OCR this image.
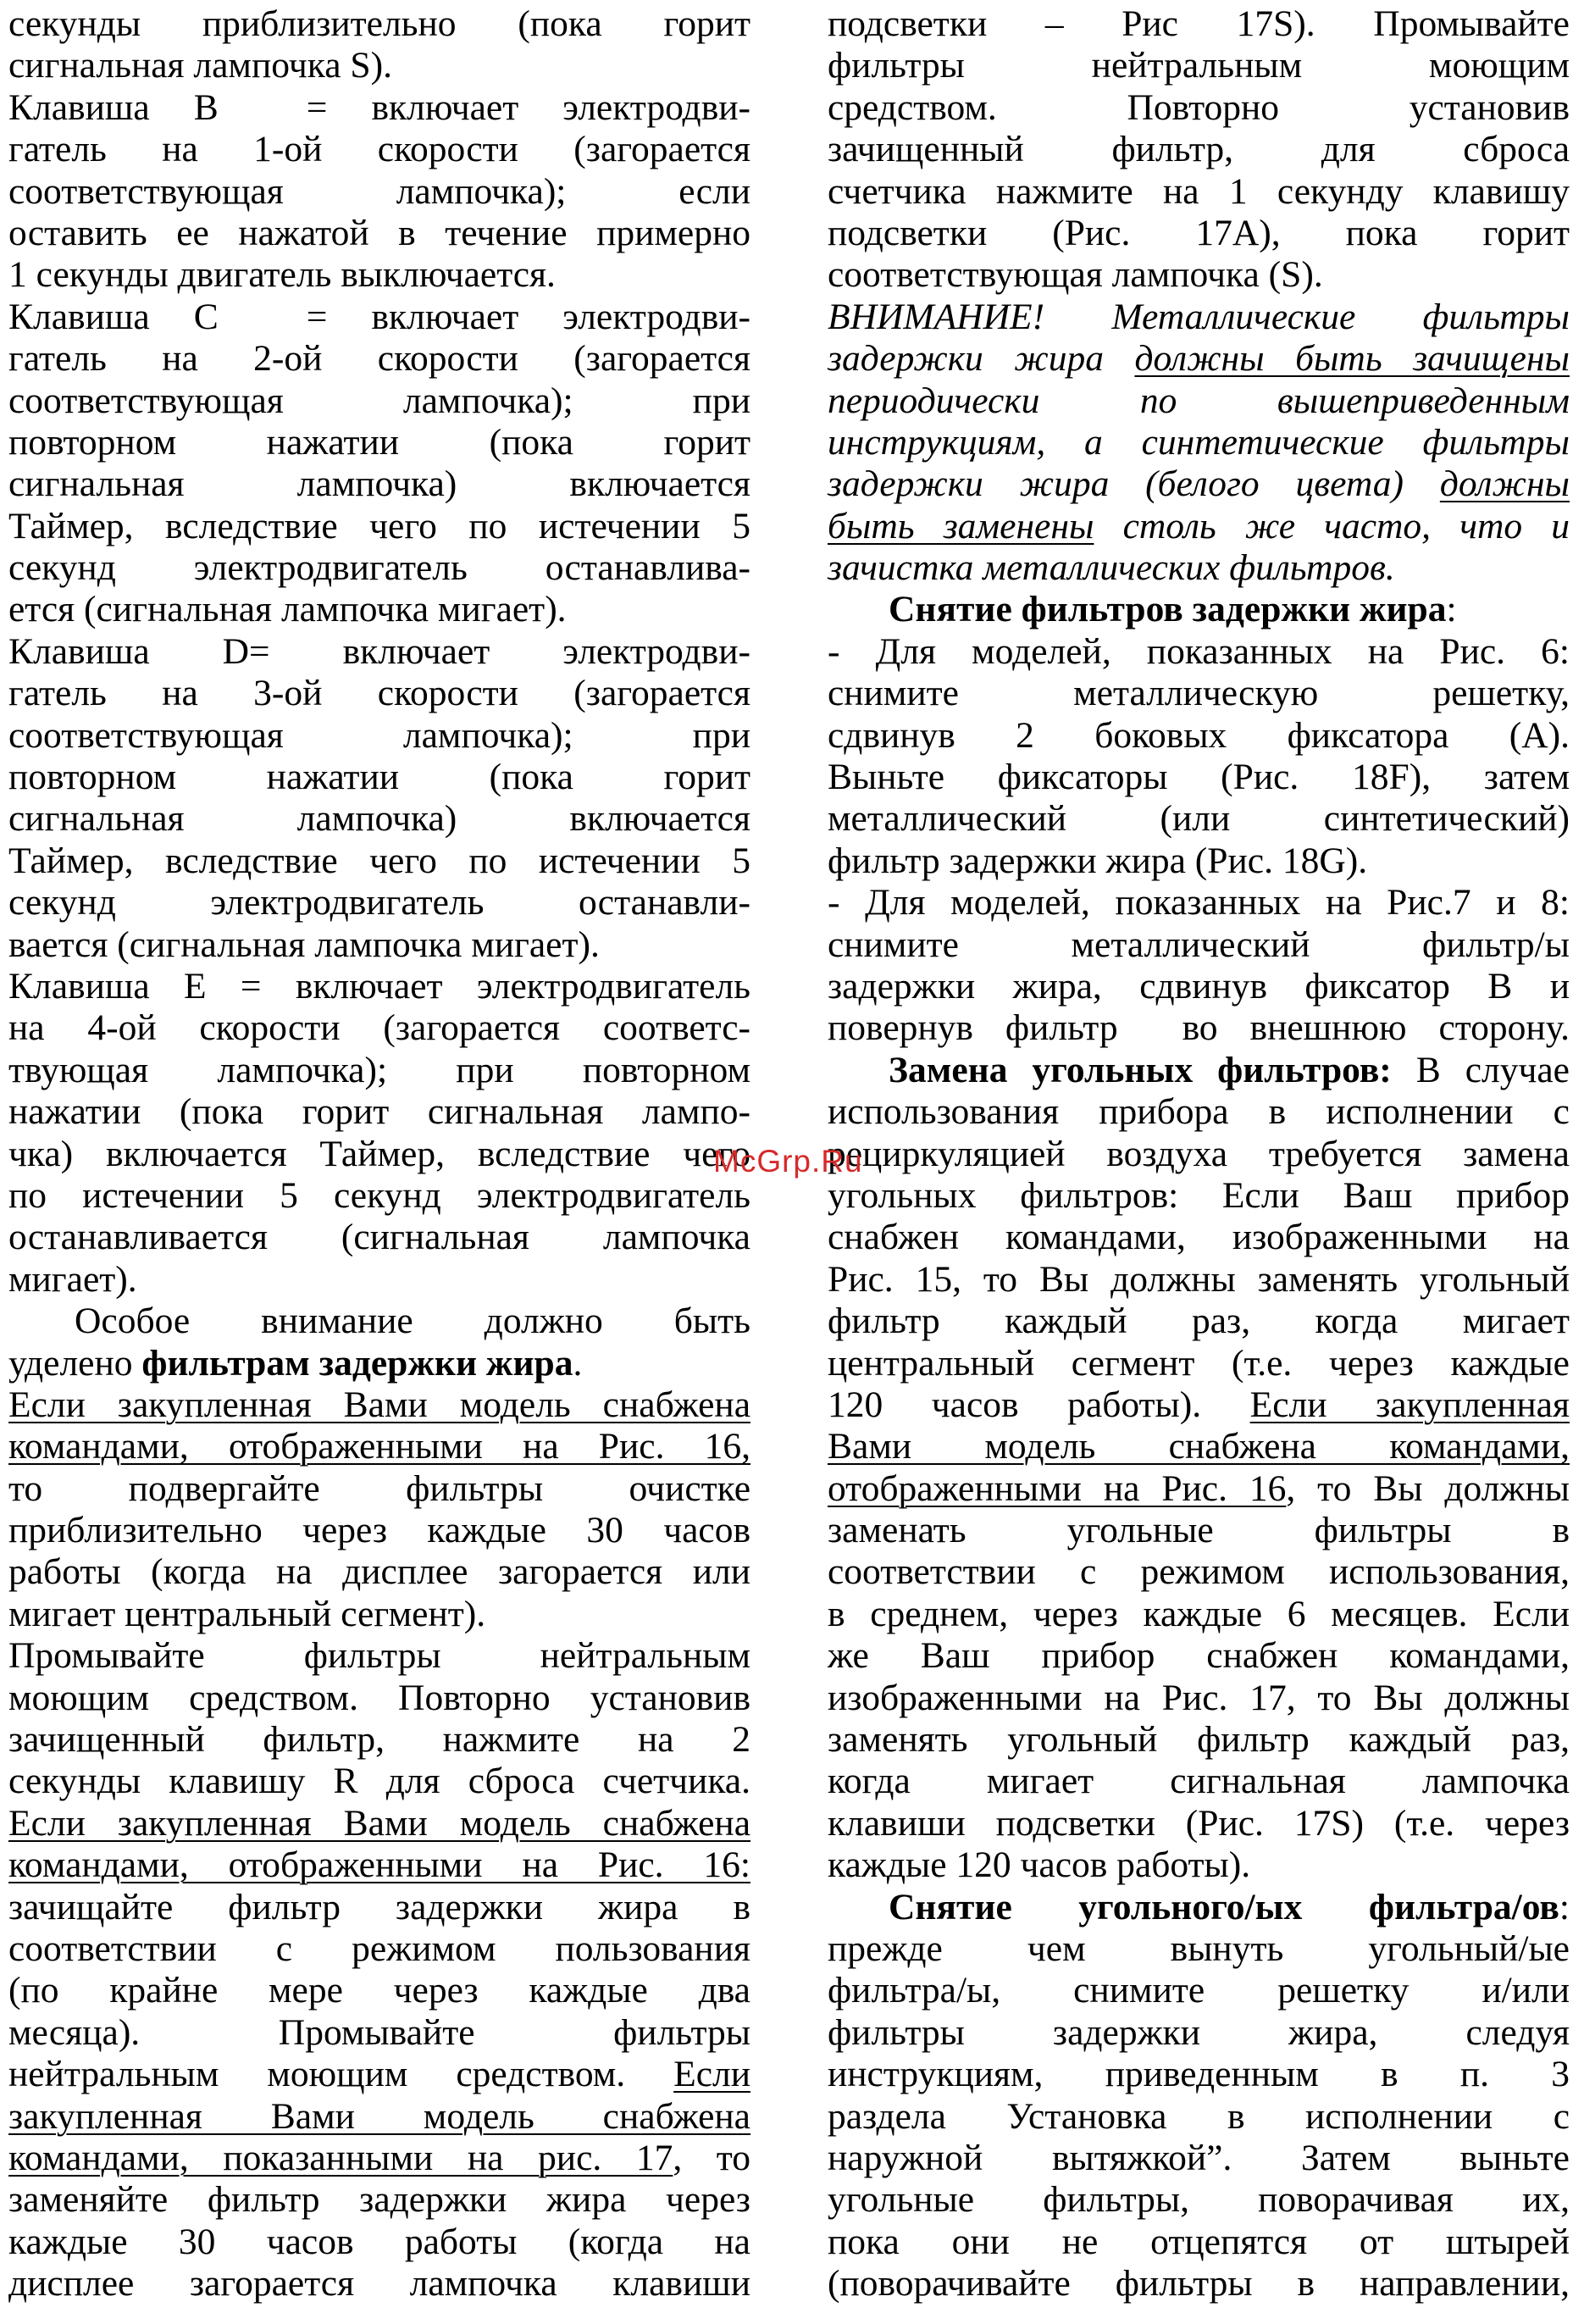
секунды приблизительно (пока горит
сигнальная лампочка S).
Клавиша B  = включает электродви-
гатель на 1-ой скорости (загорается
соответствующая лампочка); если
оставить ее нажатой в течение примерно
1 секунды двигатель выключается.
Клавиша C  = включает электродви-
гатель на 2-ой скорости (загорается
соответствующая лампочка); при
повторном нажатии (пока горит
сигнальная лампочка) включается
Таймер, вследствие чего по истечении 5
секунд электродвигатель останавлива-
ется (сигнальная лампочка мигает).
Клавиша D= включает электродви-
гатель на 3-ой скорости (загорается
соответствующая лампочка); при
повторном нажатии (пока горит
сигнальная лампочка) включается
Таймер, вследствие чего по истечении 5
секунд электродвигатель останавли-
вается (сигнальная лампочка мигает).
Клавиша E = включает электродвигатель
на 4-ой скорости (загорается соответс-
твующая лампочка); при повторном
нажатии (пока горит сигнальная лампо-
чка) включается Таймер, вследствие чего
по истечении 5 секунд электродвигатель
останавливается (сигнальная лампочка
мигает).
Особое внимание должно быть
уделено фильтрам задержки жира.
Если закупленная Вами модель снабжена
командами, отображенными на Рис. 16,
то подвергайте фильтры очистке
приблизительно через каждые 30 часов
работы (когда на дисплее загорается или
мигает центральный сегмент).
Промывайте фильтры нейтральным
моющим средством. Повторно установив
зачищенный фильтр, нажмите на 2
секунды клавишу R для сброса счетчика.
Если закупленная Вами модель снабжена
командами, отображенными на Рис. 16:
зачищайте фильтр задержки жира в
соответствии с режимом пользования
(по крайне мере через каждые два
месяца).  Промывайте  фильтры
нейтральным моющим средством. Если
закупленная Вами модель снабжена
командами, показанными на рис. 17, то
заменяйте фильтр задержки жира через
каждые 30 часов работы (когда на
дисплее загорается лампочка клавиши
подсветки – Рис 17S). Промывайте
фильтры нейтральным моющим
средством. Повторно установив
зачищенный фильтр, для сброса
счетчика нажмите на 1 секунду клавишу
подсветки (Рис. 17A), пока горит
соответствующая лампочка (S).
ВНИМАНИЕ! Металлические фильтры
задержки жира должны быть зачищены
периодически по вышеприведенным
инструкциям, а синтетические фильтры
задержки жира (белого цвета) должны
быть заменены столь же часто, что и
зачистка металлических фильтров.
Снятие фильтров задержки жира:
- Для моделей, показанных на Рис. 6:
снимите металлическую решетку,
сдвинув 2 боковых фиксатора (A).
Выньте фиксаторы (Рис. 18F), затем
металлический (или синтетический)
фильтр задержки жира (Рис. 18G).
- Для моделей, показанных на Рис.7 и 8:
снимите металлический фильтр/ы
задержки жира, сдвинув фиксатор B и
повернув фильтр  во внешнюю сторону.
Замена угольных фильтров: В случае
использования прибора в исполнении с
рециркуляцией воздуха требуется замена
угольных фильтров: Если Ваш прибор
снабжен командами, изображенными на
Рис. 15, то Вы должны заменять угольный
фильтр каждый раз, когда мигает
центральный сегмент (т.е. через каждые
120 часов работы). Если закупленная
Вами модель снабжена командами,
отображенными на Рис. 16, то Вы должны
заменать  угольные  фильтры  в
соответствии с режимом использования,
в среднем, через каждые 6 месяцев. Если
же Ваш прибор снабжен командами,
изображенными на Рис. 17, то Вы должны
заменять угольный фильтр каждый раз,
когда мигает сигнальная лампочка
клавиши подсветки (Рис. 17S) (т.е. через
каждые 120 часов работы).
Снятие угольного/ых фильтра/ов:
прежде чем вынуть угольный/ые
фильтра/ы, снимите решетку и/или
фильтры задержки жира, следуя
инструкциям, приведенным в п. 3
раздела Установка в исполнении с
наружной вытяжкой”. Затем выньте
угольные фильтры, поворачивая их,
пока они не отцепятся от штырей
(поворачивайте фильтры в направлении,
McGrp.Ru
